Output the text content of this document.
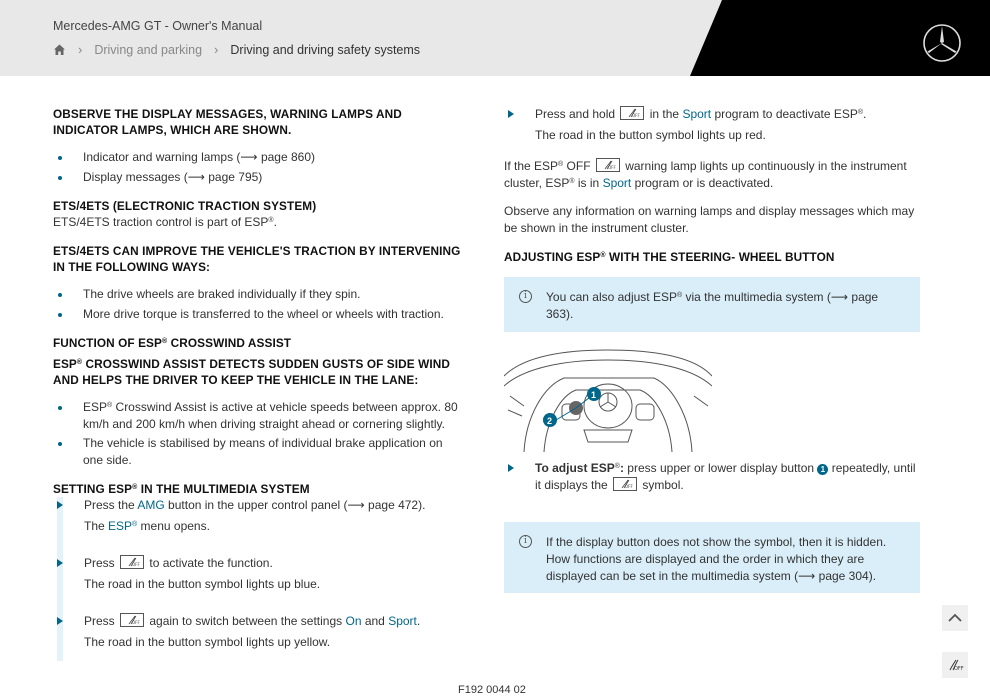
Mercedes-AMG GT - Owner's Manual
› Driving and parking › Driving and driving safety systems

OBSERVE THE DISPLAY MESSAGES, WARNING LAMPS AND INDICATOR LAMPS, WHICH ARE SHOWN.

Indicator and warning lamps (⟶ page 860)
Display messages (⟶ page 795)

ETS/4ETS (ELECTRONIC TRACTION SYSTEM)

ETS/4ETS traction control is part of ESP®.

ETS/4ETS CAN IMPROVE THE VEHICLE'S TRACTION BY INTERVENING IN THE FOLLOWING WAYS:

The drive wheels are braked individually if they spin.
More drive torque is transferred to the wheel or wheels with traction.

FUNCTION OF ESP® CROSSWIND ASSIST

ESP® CROSSWIND ASSIST DETECTS SUDDEN GUSTS OF SIDE WIND AND HELPS THE DRIVER TO KEEP THE VEHICLE IN THE LANE:

ESP® Crosswind Assist is active at vehicle speeds between approx. 80 km/h and 200 km/h when driving straight ahead or cornering slightly.
The vehicle is stabilised by means of individual brake application on one side.

SETTING ESP® IN THE MULTIMEDIA SYSTEM

Press the AMG button in the upper control panel (⟶ page 472).

The ESP® menu opens.

Press	OFF to activate the function.

The road in the button symbol lights up blue.

Press	OFF again to switch between the settings On and Sport.

The road in the button symbol lights up yellow.

Press and hold	OFF in the Sport program to deactivate ESP®.

The road in the button symbol lights up red.

If the ESP® OFF	OFF warning lamp lights up continuously in the instrument cluster, ESP® is in Sport program or is deactivated.

Observe any information on warning lamps and display messages which may be shown in the instrument cluster.

ADJUSTING ESP® WITH THE STEERING- WHEEL BUTTON

i	You can also adjust ESP® via the multimedia system (⟶ page 363).

1
2

To adjust ESP®: press upper or lower display button 1 repeatedly, until it displays the	OFF symbol.

i	If the display button does not show the symbol, then it is hidden. How functions are displayed and the order in which they are displayed can be set in the multimedia system (⟶ page 304).

OFF
F192 0044 02
